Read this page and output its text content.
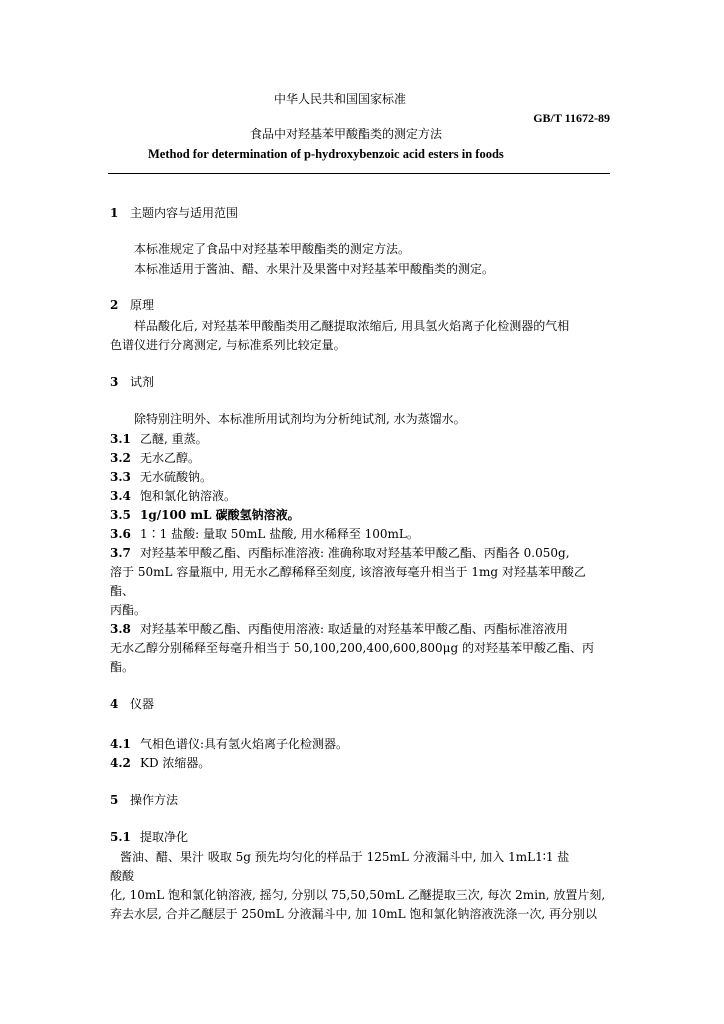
中华人民共和国国家标准
GB/T 11672-89
食品中对羟基苯甲酸酯类的测定方法
Method for determination of p-hydroxybenzoic acid esters in foods
1 主题内容与适用范围
本标准规定了食品中对羟基苯甲酸酯类的测定方法。
本标准适用于酱油、醋、水果汁及果酱中对羟基苯甲酸酯类的测定。
2 原理
样品酸化后, 对羟基苯甲酸酯类用乙醚提取浓缩后, 用具氢火焰离子化检测器的气相
色谱仪进行分离测定, 与标准系列比较定量。
3 试剂
除特别注明外、本标准所用试剂均为分析纯试剂, 水为蒸馏水。
3.1 乙醚, 重蒸。
3.2 无水乙醇。
3.3 无水硫酸钠。
3.4 饱和氯化钠溶液。
3.5 1g/100 mL 碳酸氢钠溶液。
3.6 1∶1 盐酸: 量取 50mL 盐酸, 用水稀释至 100mL。
3.7 对羟基苯甲酸乙酯、丙酯标准溶液: 准确称取对羟基苯甲酸乙酯、丙酯各 0.050g,
溶于 50mL 容量瓶中, 用无水乙醇稀释至刻度, 该溶液每毫升相当于 1mg 对羟基苯甲酸乙
酯、
丙酯。
3.8 对羟基苯甲酸乙酯、丙酯使用溶液: 取适量的对羟基苯甲酸乙酯、丙酯标准溶液用
无水乙醇分别稀释至每毫升相当于 50,100,200,400,600,800μg 的对羟基苯甲酸乙酯、丙
酯。
4 仪器
4.1 气相色谱仪:具有氢火焰离子化检测器。
4.2 KD 浓缩器。
5 操作方法
5.1 提取净化
酱油、醋、果汁 吸取 5g 预先均匀化的样品于 125mL 分液漏斗中, 加入 1mL1∶1 盐
酸酸
化, 10mL 饱和氯化钠溶液, 摇匀, 分别以 75,50,50mL 乙醚提取三次, 每次 2min, 放置片刻,
弃去水层, 合并乙醚层于 250mL 分液漏斗中, 加 10mL 饱和氯化钠溶液洗涤一次, 再分别以
